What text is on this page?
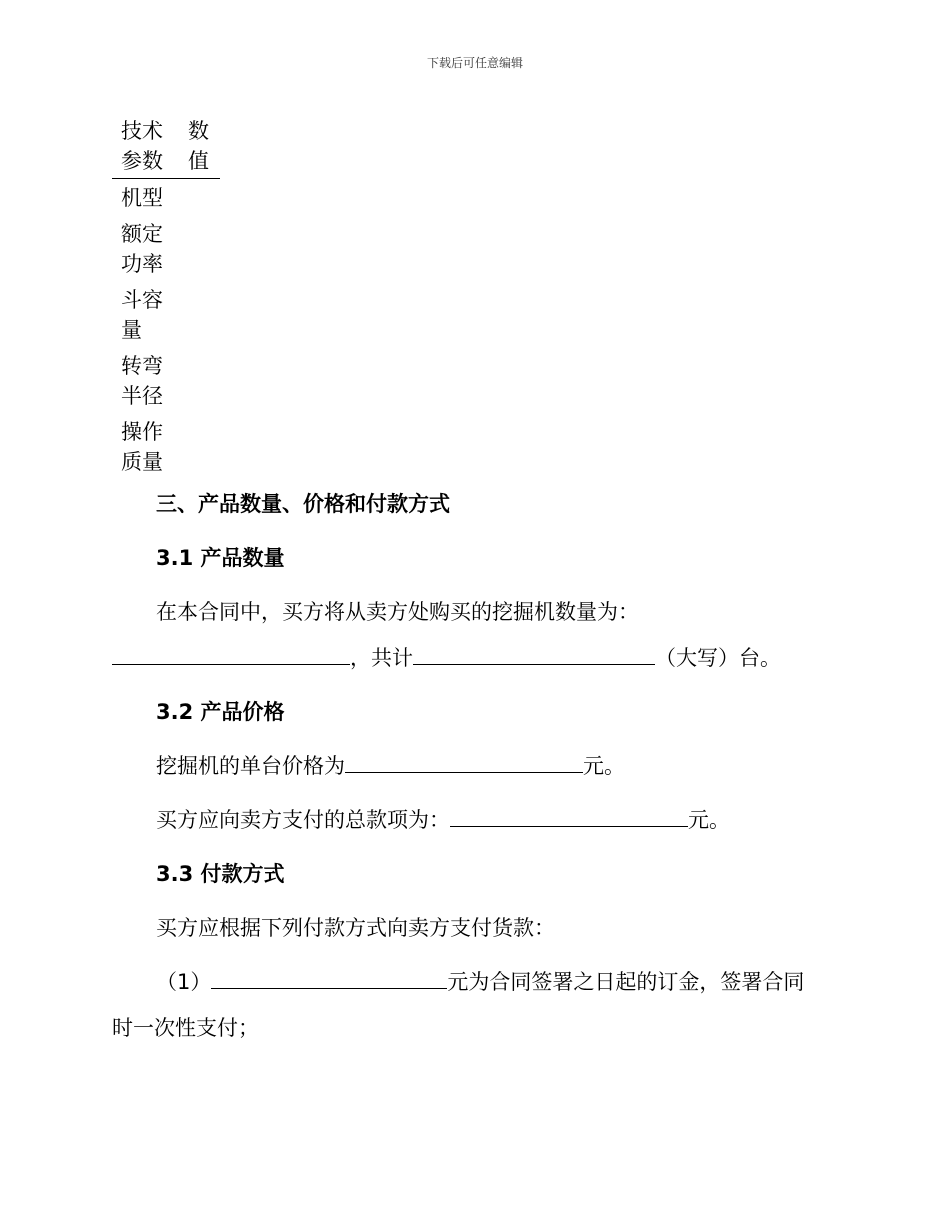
下载后可任意编辑
技术参数	数值

机型	

额定功率	

斗容量	

转弯半径	

操作质量	

三、产品数量、价格和付款方式
3.1 产品数量
在本合同中，买方将从卖方处购买的挖掘机数量为：
，共计	（大写）台。
3.2 产品价格
挖掘机的单台价格为	元。
买方应向卖方支付的总款项为：	元。
3.3 付款方式
买方应根据下列付款方式向卖方支付货款：
（1）	元为合同签署之日起的订金，签署合同
时一次性支付；
